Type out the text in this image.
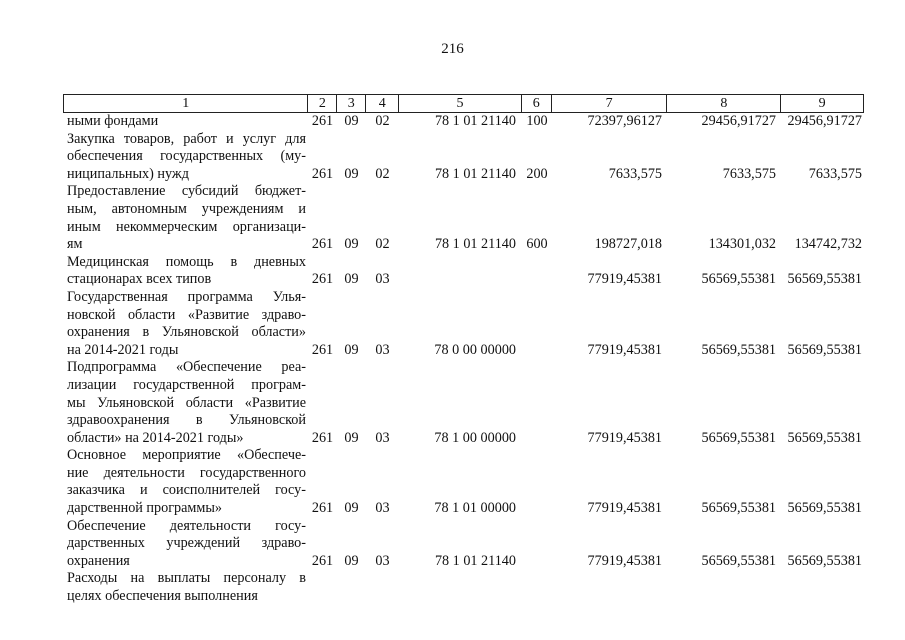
216
1	2	3	4	5	6	7	8	9
ными фондами	261 09	02	78 1 01 21140 100	72397,96127	29456,91727 29456,91727
Закупка товаров, работ и услуг для
обеспечения государственных (му-
ниципальных) нужд	261 09	02	78 1 01 21140 200	7633,575	7633,575	7633,575
Предоставление субсидий бюджет-
ным, автономным учреждениям и
иным некоммерческим организаци-
ям	261 09	02	78 1 01 21140 600	198727,018	134301,032	134742,732
Медицинская помощь в дневных
стационарах всех типов	261 09	03	77919,45381	56569,55381 56569,55381
Государственная программа Улья-
новской области «Развитие здраво-
охранения в Ульяновской области»
на 2014-2021 годы	261 09	03	78 0 00 00000	77919,45381	56569,55381 56569,55381
Подпрограмма «Обеспечение реа-
лизации государственной програм-
мы Ульяновской области «Развитие
здравоохранения в Ульяновской
области» на 2014-2021 годы»	261 09	03	78 1 00 00000	77919,45381	56569,55381 56569,55381
Основное мероприятие «Обеспече-
ние деятельности государственного
заказчика и соисполнителей госу-
дарственной программы»	261 09	03	78 1 01 00000	77919,45381	56569,55381 56569,55381
Обеспечение деятельности госу-
дарственных учреждений здраво-
охранения	261 09	03	78 1 01 21140	77919,45381	56569,55381 56569,55381
Расходы на выплаты персоналу в
целях обеспечения выполнения
